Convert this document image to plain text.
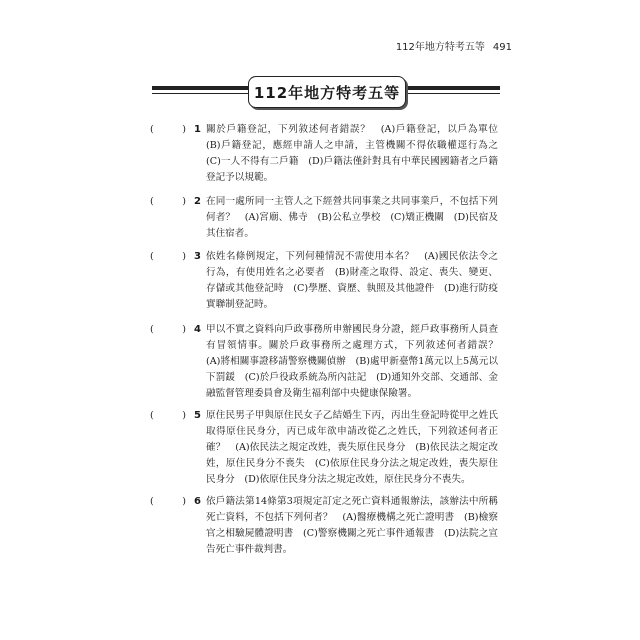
112年地方特考五等 491
112年地方特考五等
(	) 1 關於戶籍登記，下列敘述何者錯誤？　(A)戶籍登記，以戶為單位　(B)戶籍登記，應經申請人之申請，主管機關不得依職權逕行為之　(C)一人不得有二戶籍　(D)戶籍法僅針對具有中華民國國籍者之戶籍登記予以規範。
(	) 2 在同一處所同一主管人之下經營共同事業之共同事業戶，不包括下列何者？　(A)宮廟、佛寺　(B)公私立學校　(C)矯正機關　(D)民宿及其住宿者。
(	) 3 依姓名條例規定，下列何種情況不需使用本名？　(A)國民依法令之行為，有使用姓名之必要者　(B)財產之取得、設定、喪失、變更、存儲或其他登記時　(C)學歷、資歷、執照及其他證件　(D)進行防疫實聯制登記時。
(	) 4 甲以不實之資料向戶政事務所申辦國民身分證，經戶政事務所人員查有冒領情事。關於戶政事務所之處理方式，下列敘述何者錯誤？　(A)將相關事證移請警察機關偵辦　(B)處甲新臺幣1萬元以上5萬元以下罰鍰　(C)於戶役政系統為所內註記　(D)通知外交部、交通部、金融監督管理委員會及衛生福利部中央健康保險署。
(	) 5 原住民男子甲與原住民女子乙結婚生下丙，丙出生登記時從甲之姓氏取得原住民身分，丙已成年欲申請改從乙之姓氏，下列敘述何者正確？　(A)依民法之規定改姓，喪失原住民身分　(B)依民法之規定改姓，原住民身分不喪失　(C)依原住民身分法之規定改姓，喪失原住民身分　(D)依原住民身分法之規定改姓，原住民身分不喪失。
(	) 6 依戶籍法第14條第3項規定訂定之死亡資料通報辦法，該辦法中所稱死亡資料，不包括下列何者？　(A)醫療機構之死亡證明書　(B)檢察官之相驗屍體證明書　(C)警察機關之死亡事件通報書　(D)法院之宣告死亡事件裁判書。
